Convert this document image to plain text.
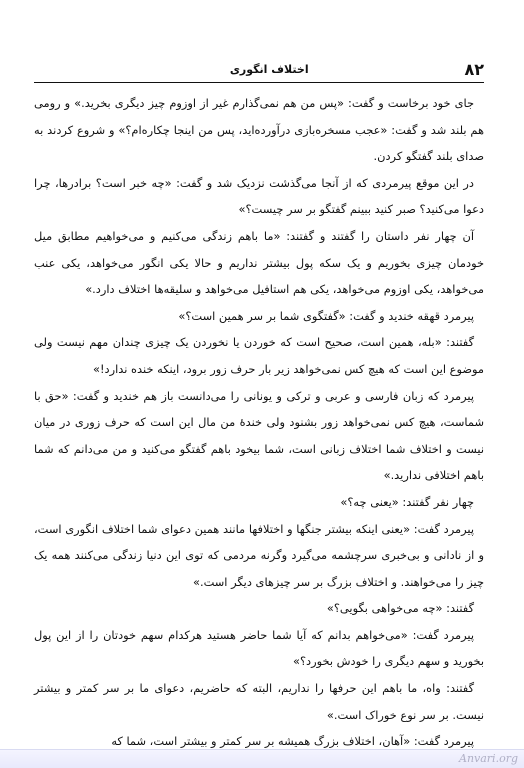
اختلاف انگوری	۸۲

جای خود برخاست و گفت: «پس من هم نمی‌گذارم غیر از اوزوم چیز دیگری بخرید.» و رومی هم بلند شد و گفت: «عجب مسخره‌بازی درآورده‌اید، پس من اینجا چکاره‌ام؟» و شروع کردند به صدای بلند گفتگو کردن.

در این موقع پیرمردی که از آنجا می‌گذشت نزدیک شد و گفت: «چه خبر است؟ برادرها، چرا دعوا می‌کنید؟ صبر کنید ببینم گفتگو بر سر چیست؟»

آن چهار نفر داستان را گفتند و گفتند: «ما باهم زندگی می‌کنیم و می‌خواهیم مطابق میل خودمان چیزی بخوریم و یک سکه پول بیشتر نداریم و حالا یکی انگور می‌خواهد، یکی عنب می‌خواهد، یکی اوزوم می‌خواهد، یکی هم استافیل می‌خواهد و سلیقه‌ها اختلاف دارد.»

پیرمرد قهقه خندید و گفت: «گفتگوی شما بر سر همین است؟»

گفتند: «بله، همین است، صحیح است که خوردن یا نخوردن یک چیزی چندان مهم نیست ولی موضوع این است که هیچ کس نمی‌خواهد زیر بار حرف زور برود، اینکه خنده ندارد!»

پیرمرد که زبان فارسی و عربی و ترکی و یونانی را می‌دانست باز هم خندید و گفت: «حق با شماست، هیچ کس نمی‌خواهد زور بشنود ولی خندهٔ من مال این است که حرف زوری در میان نیست و اختلاف شما اختلاف زبانی است، شما بیخود باهم گفتگو می‌کنید و من می‌دانم که شما باهم اختلافی ندارید.»

چهار نفر گفتند: «یعنی چه؟»

پیرمرد گفت: «یعنی اینکه بیشتر جنگها و اختلافها مانند همین دعوای شما اختلاف انگوری است، و از نادانی و بی‌خبری سرچشمه می‌گیرد وگرنه مردمی که توی این دنیا زندگی می‌کنند همه یک چیز را می‌خواهند. و اختلاف بزرگ بر سر چیزهای دیگر است.»

گفتند: «چه می‌خواهی بگویی؟»

پیرمرد گفت: «می‌خواهم بدانم که آیا شما حاضر هستید هرکدام سهم خودتان را از این پول بخورید و سهم دیگری را خودش بخورد؟»

گفتند: واه، ما باهم این حرفها را نداریم، البته که حاضریم، دعوای ما بر سر کمتر و بیشتر نیست. بر سر نوع خوراک است.»

پیرمرد گفت: «آهان، اختلاف بزرگ همیشه بر سر کمتر و بیشتر است، شما که

Anvari.org
